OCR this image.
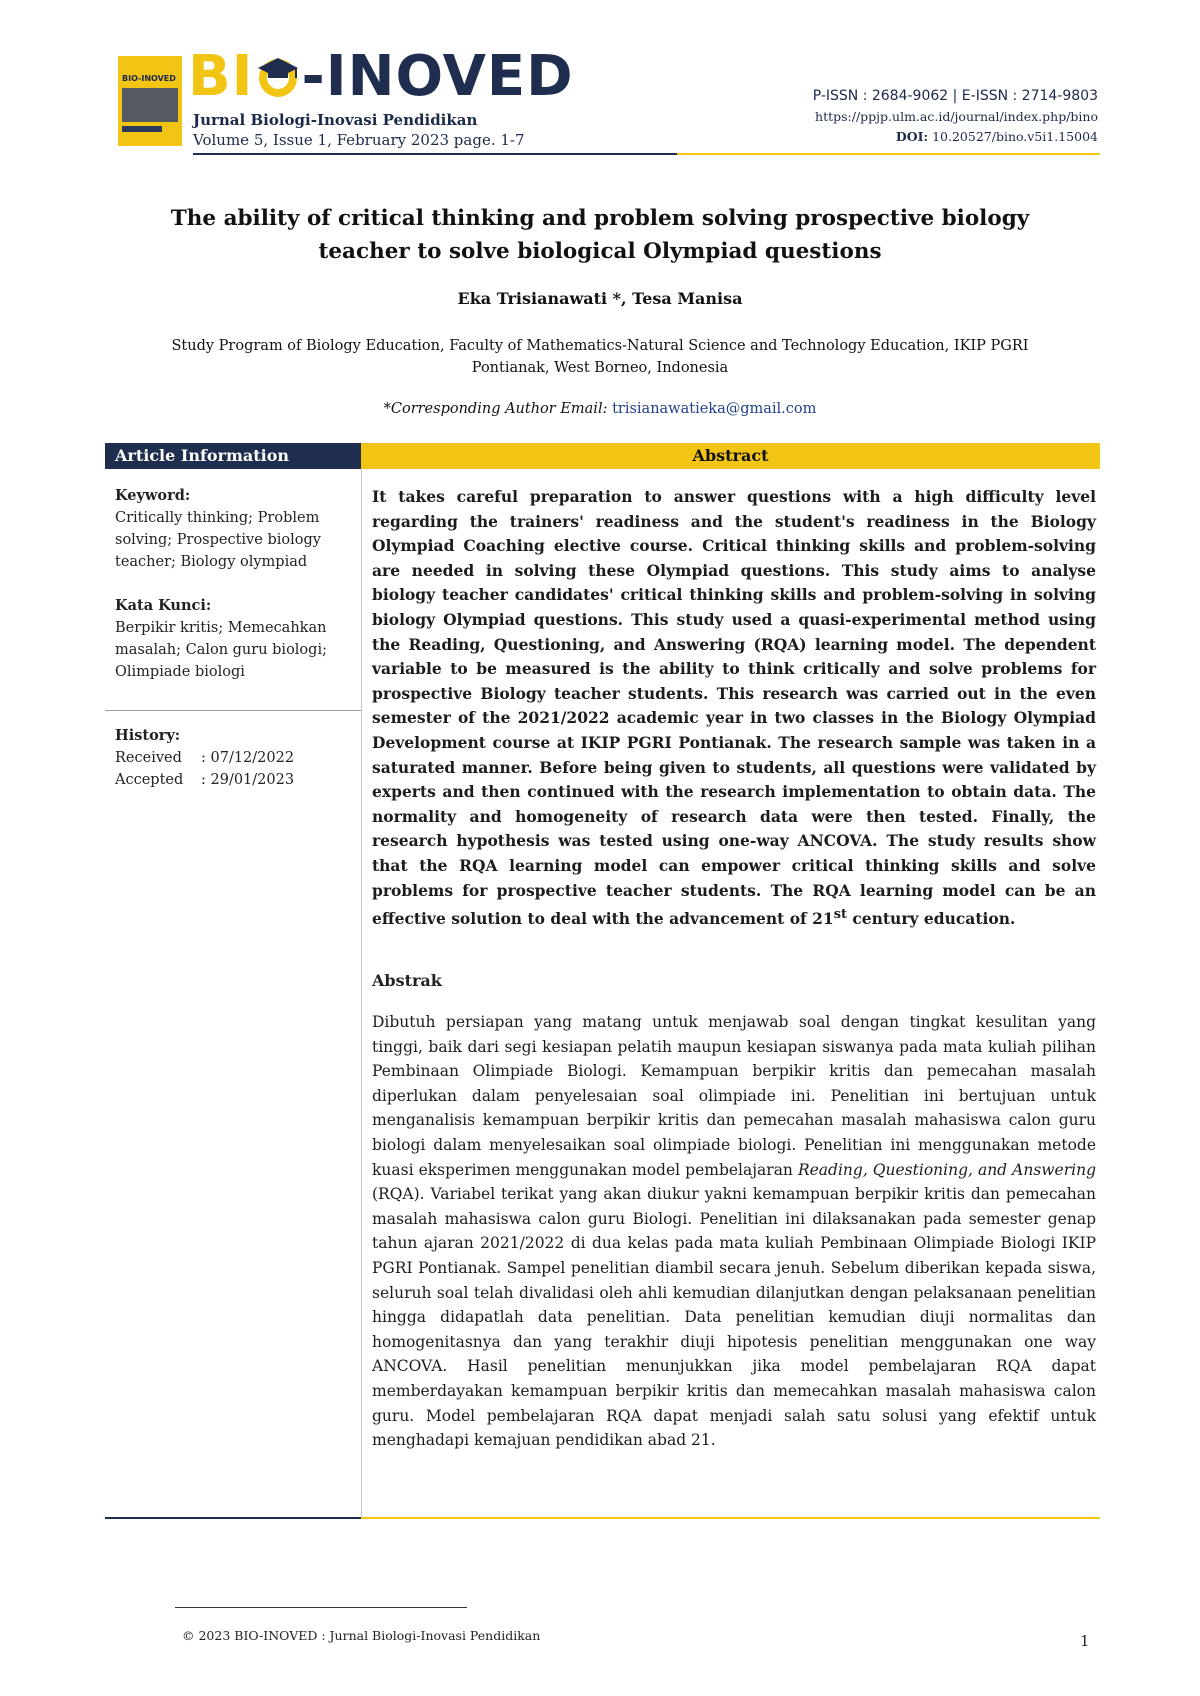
BIO-INOVED BI -INOVED
Jurnal Biologi-Inovasi Pendidikan
Volume 5, Issue 1, February 2023 page. 1-7
P-ISSN : 2684-9062 | E-ISSN : 2714-9803
https://ppjp.ulm.ac.id/journal/index.php/bino
DOI: 10.20527/bino.v5i1.15004
The ability of critical thinking and problem solving prospective biology
teacher to solve biological Olympiad questions
Eka Trisianawati *, Tesa Manisa
Study Program of Biology Education, Faculty of Mathematics-Natural Science and Technology Education, IKIP PGRI
Pontianak, West Borneo, Indonesia
*Corresponding Author Email: trisianawatieka@gmail.com
Article Information	Abstract
Keyword:
Critically thinking; Problem solving; Prospective biology teacher; Biology olympiad
Kata Kunci:
Berpikir kritis; Memecahkan masalah; Calon guru biologi; Olimpiade biologi
History:
Received	: 07/12/2022
Accepted	: 29/01/2023
It takes careful preparation to answer questions with a high difficulty level regarding the trainers' readiness and the student's readiness in the Biology Olympiad Coaching elective course. Critical thinking skills and problem-solving are needed in solving these Olympiad questions. This study aims to analyse biology teacher candidates' critical thinking skills and problem-solving in solving biology Olympiad questions. This study used a quasi-experimental method using the Reading, Questioning, and Answering (RQA) learning model. The dependent variable to be measured is the ability to think critically and solve problems for prospective Biology teacher students. This research was carried out in the even semester of the 2021/2022 academic year in two classes in the Biology Olympiad Development course at IKIP PGRI Pontianak. The research sample was taken in a saturated manner. Before being given to students, all questions were validated by experts and then continued with the research implementation to obtain data. The normality and homogeneity of research data were then tested. Finally, the research hypothesis was tested using one-way ANCOVA. The study results show that the RQA learning model can empower critical thinking skills and solve problems for prospective teacher students. The RQA learning model can be an effective solution to deal with the advancement of 21st century education.
Abstrak
Dibutuh persiapan yang matang untuk menjawab soal dengan tingkat kesulitan yang tinggi, baik dari segi kesiapan pelatih maupun kesiapan siswanya pada mata kuliah pilihan Pembinaan Olimpiade Biologi. Kemampuan berpikir kritis dan pemecahan masalah diperlukan dalam penyelesaian soal olimpiade ini. Penelitian ini bertujuan untuk menganalisis kemampuan berpikir kritis dan pemecahan masalah mahasiswa calon guru biologi dalam menyelesaikan soal olimpiade biologi. Penelitian ini menggunakan metode kuasi eksperimen menggunakan model pembelajaran Reading, Questioning, and Answering (RQA). Variabel terikat yang akan diukur yakni kemampuan berpikir kritis dan pemecahan masalah mahasiswa calon guru Biologi. Penelitian ini dilaksanakan pada semester genap tahun ajaran 2021/2022 di dua kelas pada mata kuliah Pembinaan Olimpiade Biologi IKIP PGRI Pontianak. Sampel penelitian diambil secara jenuh. Sebelum diberikan kepada siswa, seluruh soal telah divalidasi oleh ahli kemudian dilanjutkan dengan pelaksanaan penelitian hingga didapatlah data penelitian. Data penelitian kemudian diuji normalitas dan homogenitasnya dan yang terakhir diuji hipotesis penelitian menggunakan one way ANCOVA. Hasil penelitian menunjukkan jika model pembelajaran RQA dapat memberdayakan kemampuan berpikir kritis dan memecahkan masalah mahasiswa calon guru. Model pembelajaran RQA dapat menjadi salah satu solusi yang efektif untuk menghadapi kemajuan pendidikan abad 21.
© 2023 BIO-INOVED : Jurnal Biologi-Inovasi Pendidikan	1
